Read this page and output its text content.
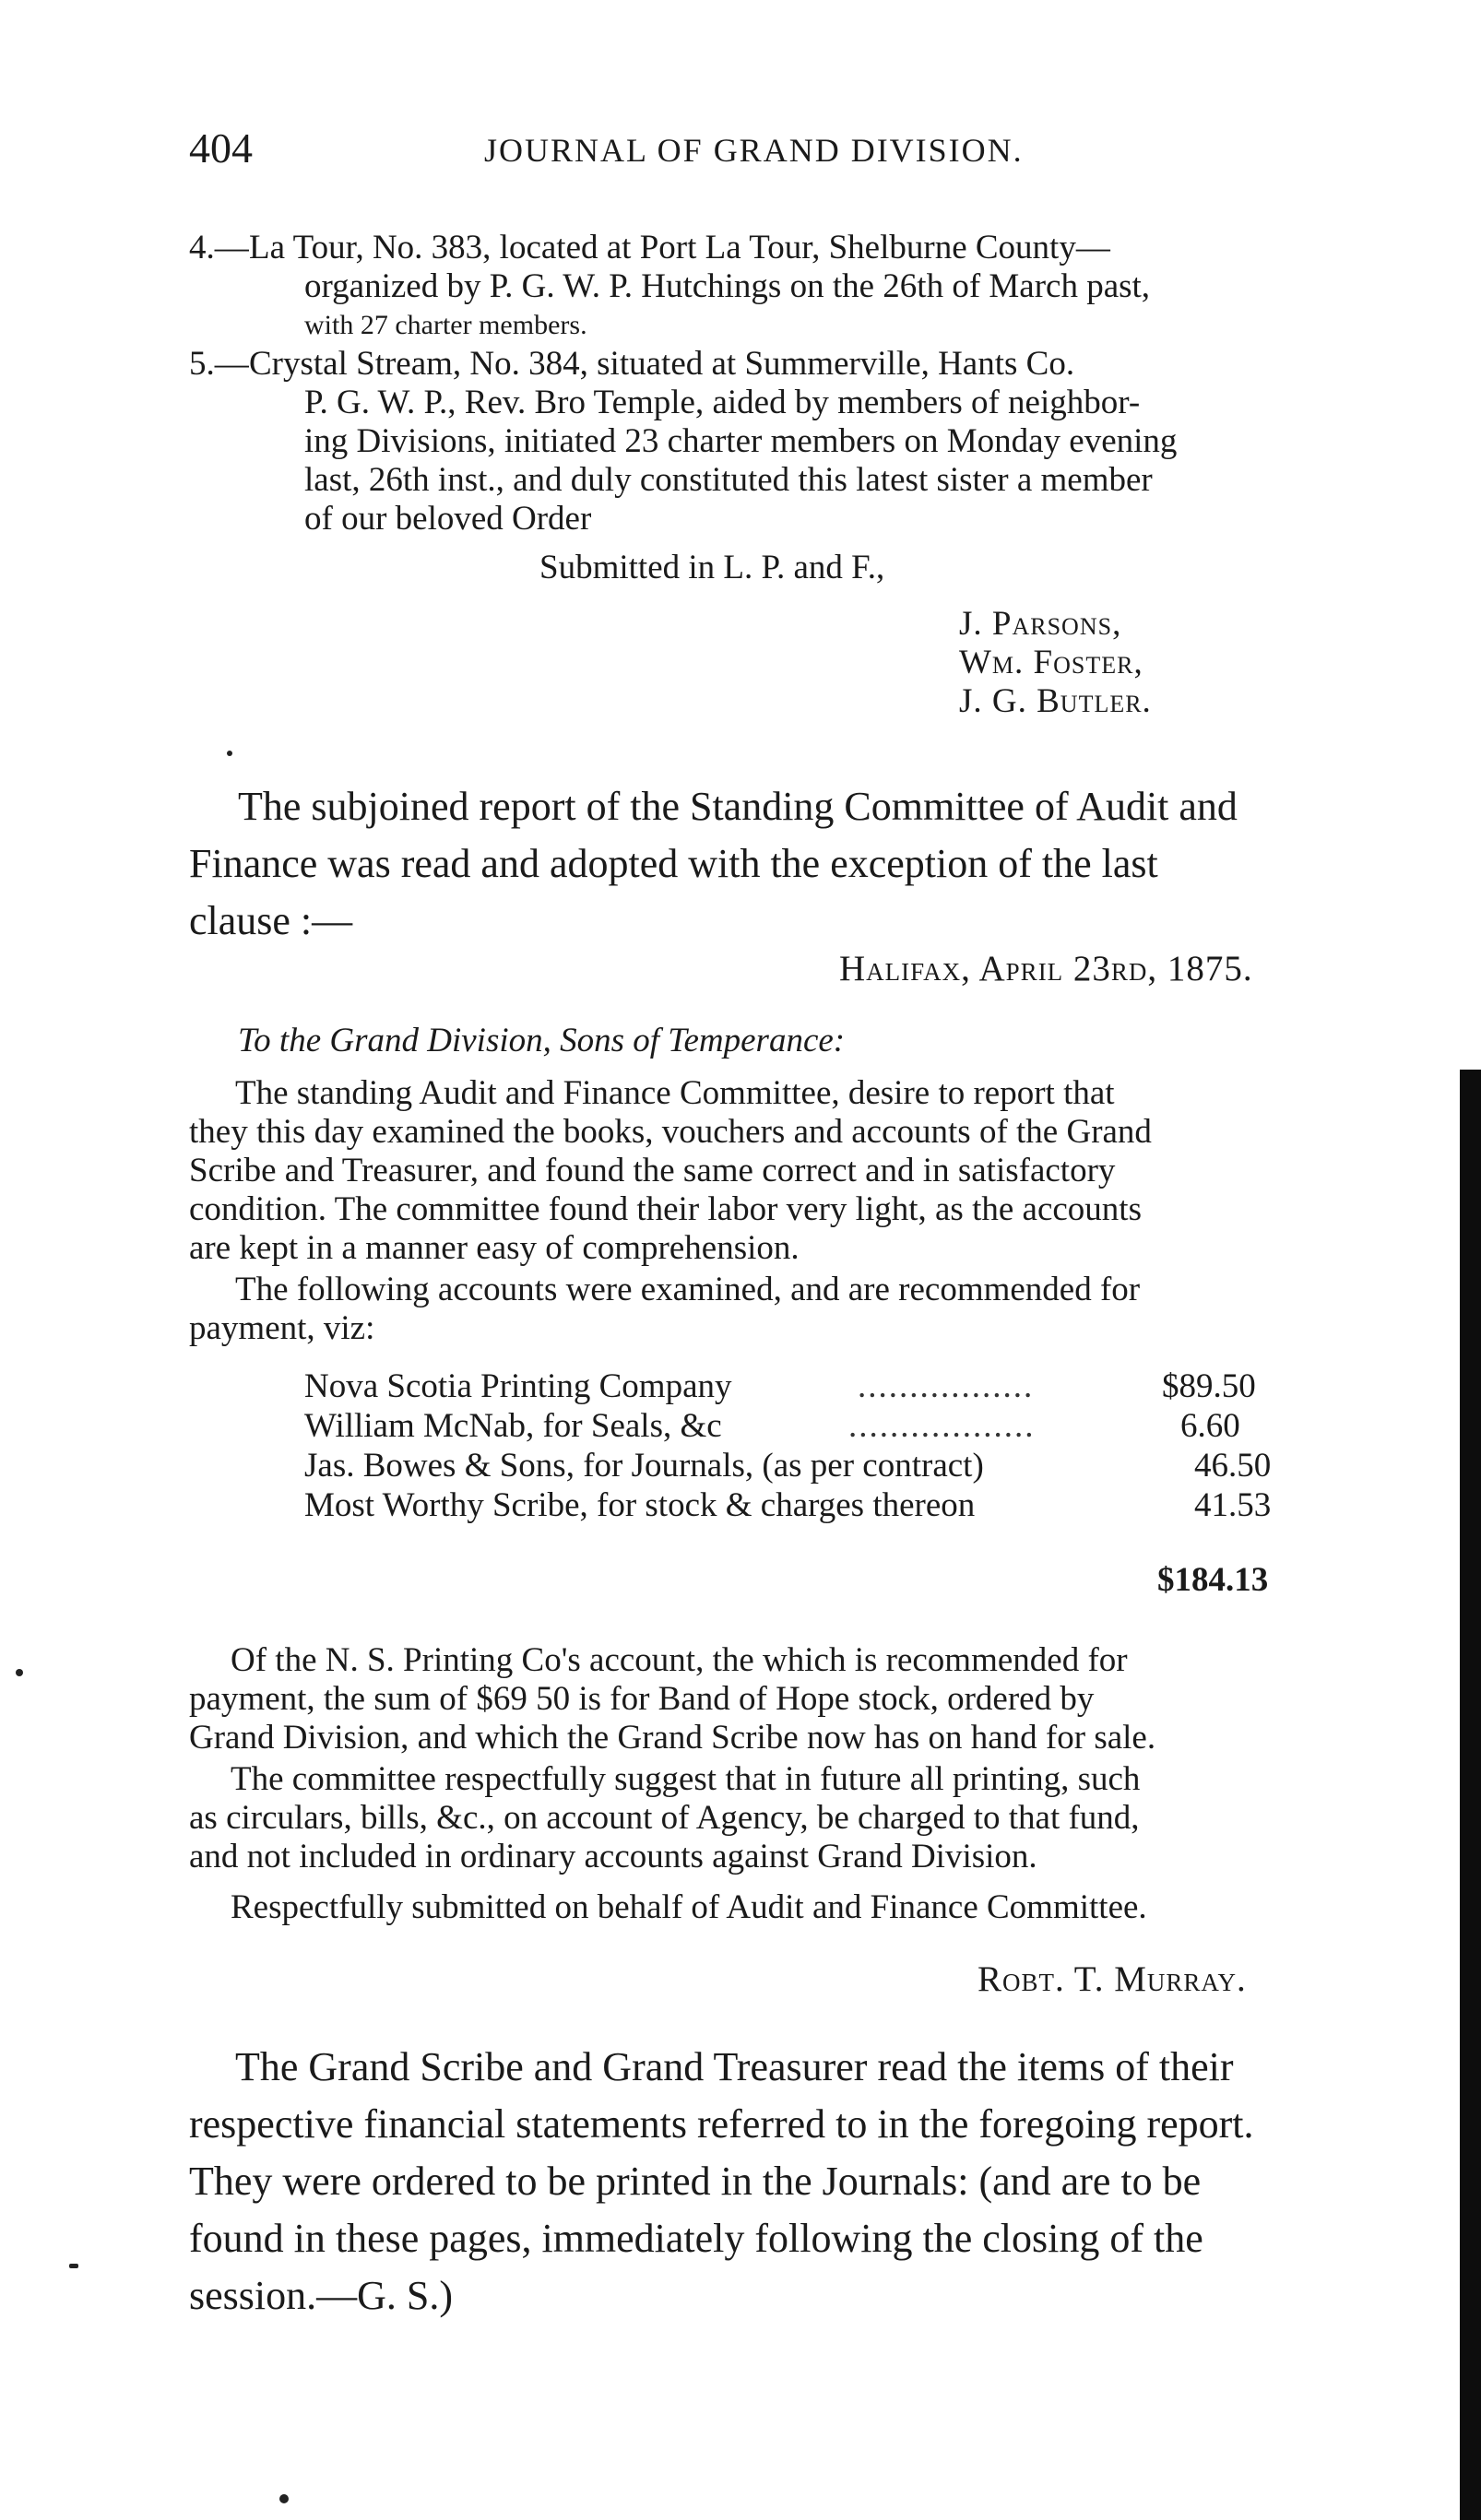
404	JOURNAL OF GRAND DIVISION.
4.— La Tour, No. 383, located at Port La Tour, Shelburne County—
organized by P. G. W. P. Hutchings on the 26th of March past,
with 27 charter members.
5.— Crystal Stream, No. 384, situated at Summerville, Hants Co.
P. G. W. P., Rev. Bro Temple, aided by members of neighbor-
ing Divisions, initiated 23 charter members on Monday evening
last, 26th inst., and duly constituted this latest sister a member
of our beloved Order
Submitted in L. P. and F.,
J. Parsons,
Wm. Foster,
J. G. Butler.
The subjoined report of the Standing Committee of Audit and
Finance was read and adopted with the exception of the last
clause :—
Halifax, April 23rd, 1875.
To the Grand Division, Sons of Temperance:
The standing Audit and Finance Committee, desire to report that
they this day examined the books, vouchers and accounts of the Grand
Scribe and Treasurer, and found the same correct and in satisfactory
condition. The committee found their labor very light, as the accounts
are kept in a manner easy of comprehension.
The following accounts were examined, and are recommended for
payment, viz:
Nova Scotia Printing Company	.................	$89.50
William McNab, for Seals, &c	..................	6.60
Jas. Bowes & Sons, for Journals, (as per contract)	46.50
Most Worthy Scribe, for stock & charges thereon	41.53
$184.13
Of the N. S. Printing Co's account, the which is recommended for
payment, the sum of $69 50 is for Band of Hope stock, ordered by
Grand Division, and which the Grand Scribe now has on hand for sale.
The committee respectfully suggest that in future all printing, such
as circulars, bills, &c., on account of Agency, be charged to that fund,
and not included in ordinary accounts against Grand Division.
Respectfully submitted on behalf of Audit and Finance Committee.
Robt. T. Murray.
The Grand Scribe and Grand Treasurer read the items of their
respective financial statements referred to in the foregoing report.
They were ordered to be printed in the Journals: (and are to be
found in these pages, immediately following the closing of the
session.—G. S.)
